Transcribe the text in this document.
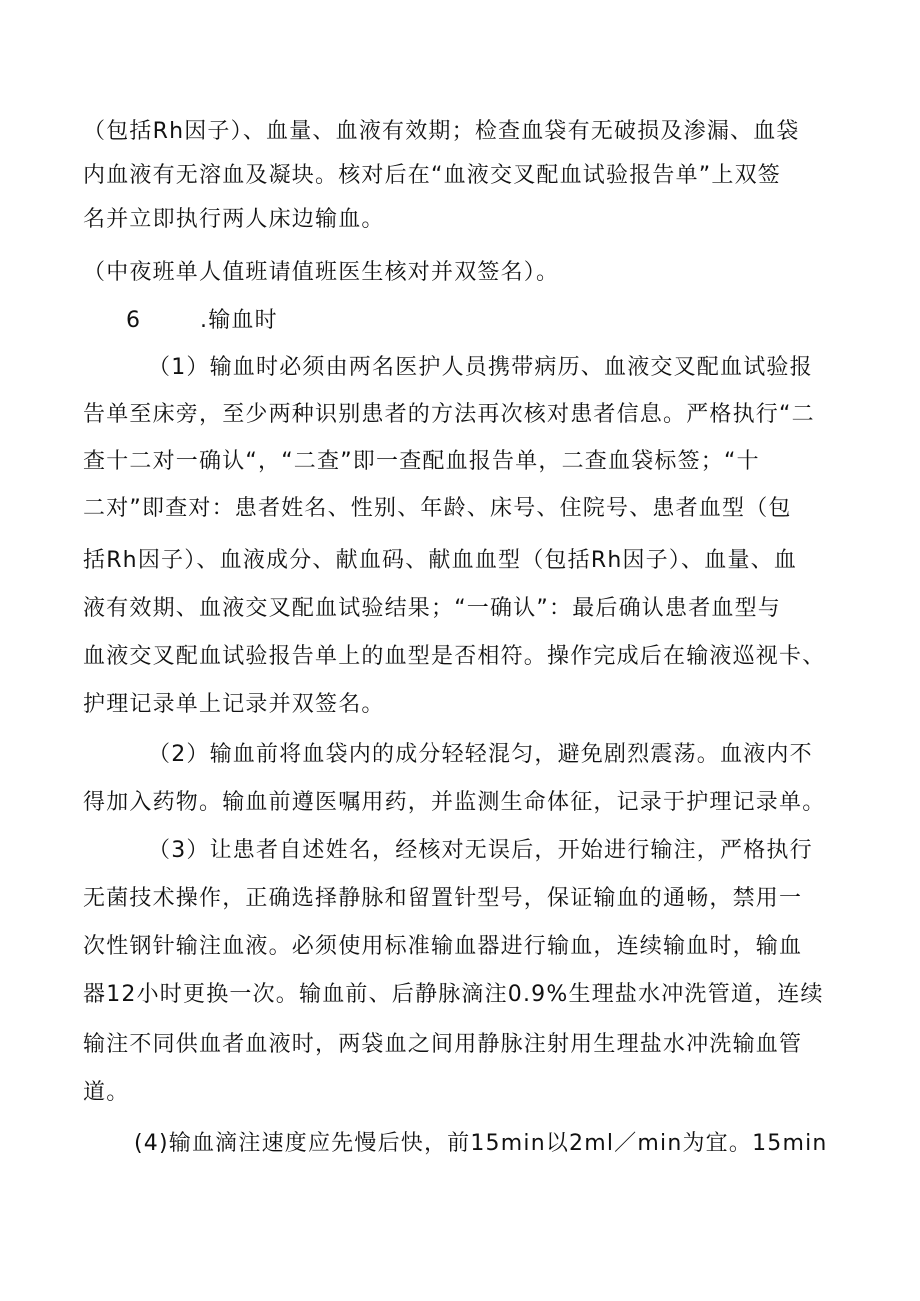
（包括Rh因子）、血量、血液有效期；检查血袋有无破损及渗漏、血袋
内血液有无溶血及凝块。核对后在“血液交叉配血试验报告单”上双签
名并立即执行两人床边输血。
（中夜班单人值班请值班医生核对并双签名）。
6	.输血时
（1）输血时必须由两名医护人员携带病历、血液交叉配血试验报
告单至床旁，至少两种识别患者的方法再次核对患者信息。严格执行“二
查十二对一确认“，“二查”即一查配血报告单，二查血袋标签；“十
二对”即查对：患者姓名、性别、年龄、床号、住院号、患者血型（包
括Rh因子）、血液成分、献血码、献血血型（包括Rh因子）、血量、血
液有效期、血液交叉配血试验结果；“一确认”：最后确认患者血型与
血液交叉配血试验报告单上的血型是否相符。操作完成后在输液巡视卡、
护理记录单上记录并双签名。
（2）输血前将血袋内的成分轻轻混匀，避免剧烈震荡。血液内不
得加入药物。输血前遵医嘱用药，并监测生命体征，记录于护理记录单。
（3）让患者自述姓名，经核对无误后，开始进行输注，严格执行
无菌技术操作，正确选择静脉和留置针型号，保证输血的通畅，禁用一
次性钢针输注血液。必须使用标准输血器进行输血，连续输血时，输血
器12小时更换一次。输血前、后静脉滴注0.9%生理盐水冲洗管道，连续
输注不同供血者血液时，两袋血之间用静脉注射用生理盐水冲洗输血管
道。
(4)输血滴注速度应先慢后快，前15min以2ml／min为宜。15min
